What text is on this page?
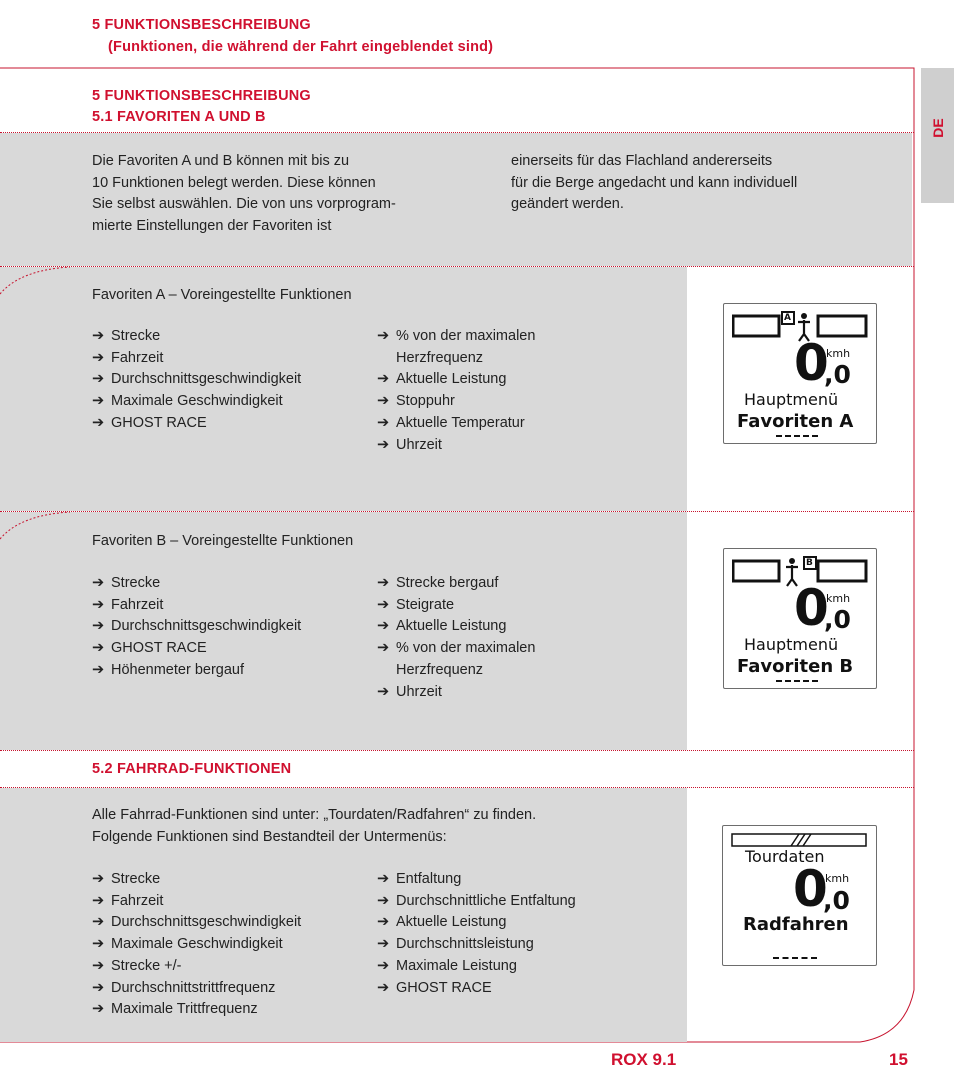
5 FUNKTIONSBESCHREIBUNG
(Funktionen, die während der Fahrt eingeblendet sind)
DE
5 FUNKTIONSBESCHREIBUNG
5.1 FAVORITEN A UND B
Die Favoriten A und B können mit bis zu
10 Funktionen belegt werden. Diese können
Sie selbst auswählen. Die von uns vorprogram-
mierte Einstellungen der Favoriten ist
einerseits für das Flachland andererseits
für die Berge angedacht und kann individuell
geändert werden.
Favoriten A – Voreingestellte Funktionen
➔ Strecke
➔ Fahrzeit
➔ Durchschnittsgeschwindigkeit
➔ Maximale Geschwindigkeit
➔ GHOST RACE
➔ % von der maximalen
Herzfrequenz
➔ Aktuelle Leistung
➔ Stoppuhr
➔ Aktuelle Temperatur
➔ Uhrzeit
A
0
,0
kmh
Hauptmenü
Favoriten A
Favoriten B – Voreingestellte Funktionen
➔ Strecke
➔ Fahrzeit
➔ Durchschnittsgeschwindigkeit
➔ GHOST RACE
➔ Höhenmeter bergauf
➔ Strecke bergauf
➔ Steigrate
➔ Aktuelle Leistung
➔ % von der maximalen
Herzfrequenz
➔ Uhrzeit
B
0
,0
kmh
Hauptmenü
Favoriten B
5.2 FAHRRAD-FUNKTIONEN
Alle Fahrrad-Funktionen sind unter: „Tourdaten/Radfahren“ zu finden.
Folgende Funktionen sind Bestandteil der Untermenüs:
➔ Strecke
➔ Fahrzeit
➔ Durchschnittsgeschwindigkeit
➔ Maximale Geschwindigkeit
➔ Strecke +/-
➔ Durchschnittstrittfrequenz
➔ Maximale Trittfrequenz
➔ Entfaltung
➔ Durchschnittliche Entfaltung
➔ Aktuelle Leistung
➔ Durchschnittsleistung
➔ Maximale Leistung
➔ GHOST RACE
Tourdaten
0
,0
kmh
Radfahren
ROX 9.1	15
